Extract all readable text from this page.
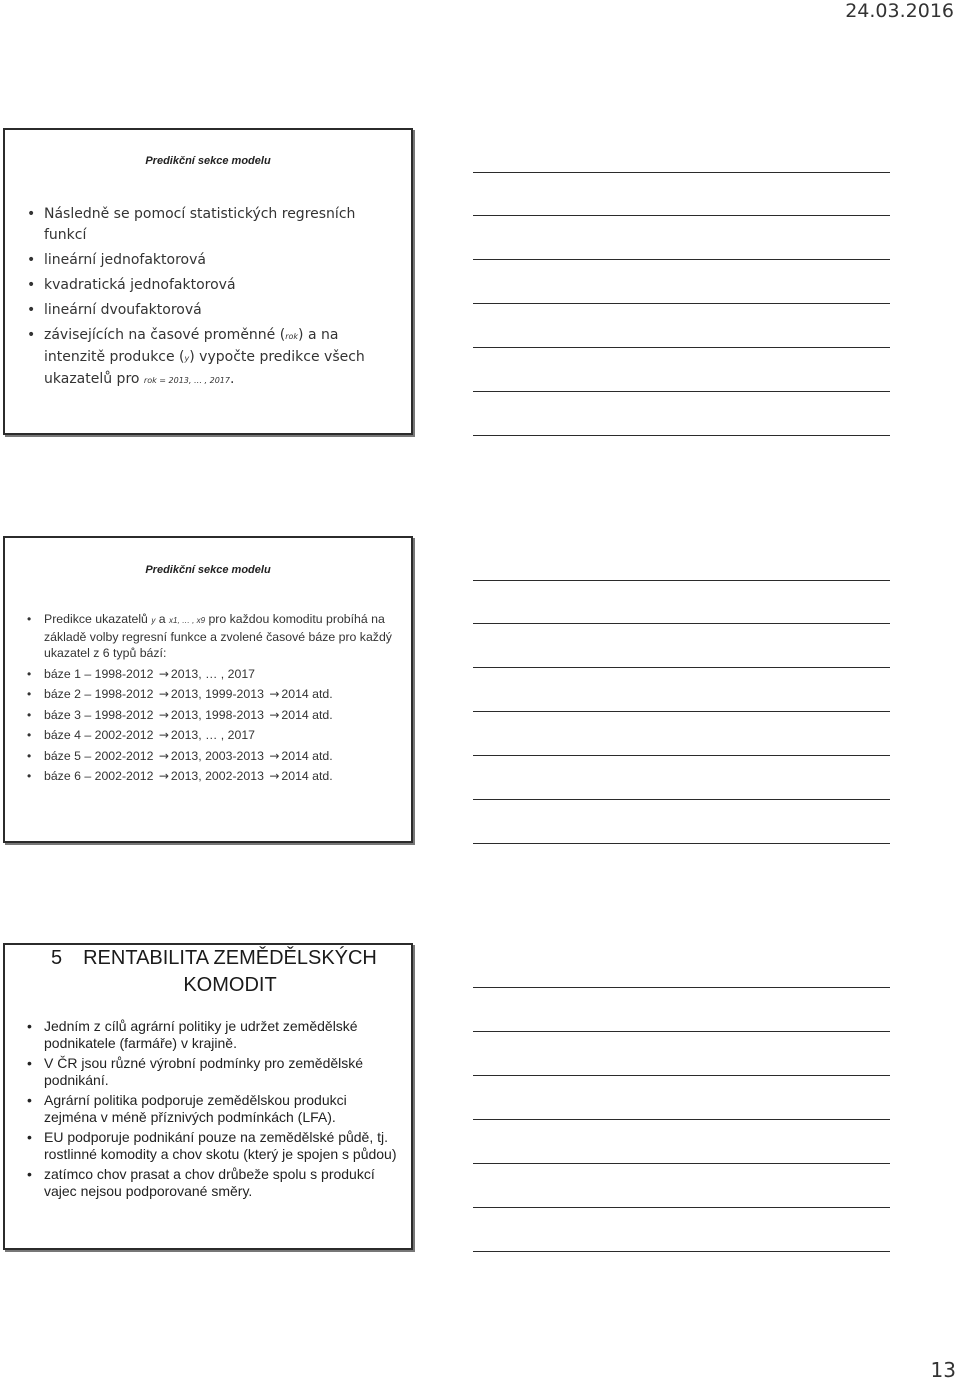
24.03.2016
Predikční sekce modelu
• Následně se pomocí statistických regresních funkcí
• lineární jednofaktorová
• kvadratická jednofaktorová
• lineární dvoufaktorová
• závisejících na časové proměnné (rok) a na intenzitě produkce (y) vypočte predikce všech ukazatelů pro rok = 2013, … , 2017.
Predikční sekce modelu
• Predikce ukazatelů y a x1, … , x9 pro každou komoditu probíhá na základě volby regresní funkce a zvolené časové báze pro každý ukazatel z 6 typů bází:
• báze 1 – 1998-2012 → 2013, … , 2017
• báze 2 – 1998-2012 → 2013, 1999-2013 → 2014 atd.
• báze 3 – 1998-2012 → 2013, 1998-2013 → 2014 atd.
• báze 4 – 2002-2012 → 2013, … , 2017
• báze 5 – 2002-2012 → 2013, 2003-2013 → 2014 atd.
• báze 6 – 2002-2012 → 2013, 2002-2013 → 2014 atd.
5	RENTABILITA ZEMĚDĚLSKÝCH KOMODIT
• Jedním z cílů agrární politiky je udržet zemědělské podnikatele (farmáře) v krajině.
• V ČR jsou různé výrobní podmínky pro zemědělské podnikání.
• Agrární politika podporuje zemědělskou produkci zejména v méně příznivých podmínkách (LFA).
• EU podporuje podnikání pouze na zemědělské půdě, tj. rostlinné komodity a chov skotu (který je spojen s půdou)
• zatímco chov prasat a chov drůbeže spolu s produkcí vajec nejsou podporované směry.
13
